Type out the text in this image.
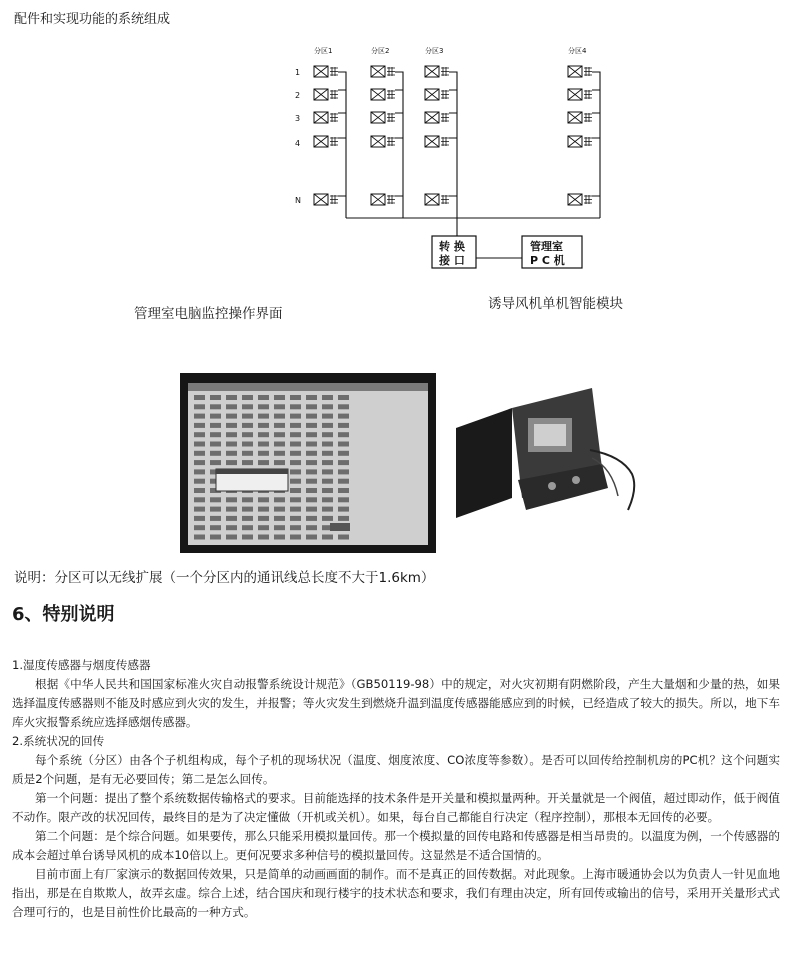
配件和实现功能的系统组成
分区1	分区2	分区3	分区4
1
2
3
4
N
转 换
接 口
管理室
P C 机
诱导风机单机智能模块
管理室电脑监控操作界面
说明：分区可以无线扩展（一个分区内的通讯线总长度不大于1.6km）
6、特别说明

1.湿度传感器与烟度传感器

根据《中华人民共和国国家标准火灾自动报警系统设计规范》（GB50119-98）中的规定，对火灾初期有阴燃阶段，产生大量烟和少量的热，如果选择温度传感器则不能及时感应到火灾的发生，并报警；等火灾发生到燃烧升温到温度传感器能感应到的时候，已经造成了较大的损失。所以，地下车库火灾报警系统应选择感烟传感器。

2.系统状况的回传

每个系统（分区）由各个子机组构成，每个子机的现场状况（温度、烟度浓度、CO浓度等参数）。是否可以回传给控制机房的PC机？这个问题实质是2个问题，是有无必要回传；第二是怎么回传。

第一个问题：提出了整个系统数据传输格式的要求。目前能选择的技术条件是开关量和模拟量两种。开关量就是一个阀值，超过即动作，低于阀值不动作。限产改的状况回传，最终目的是为了决定懂做（开机或关机）。如果，每台自己都能自行决定（程序控制），那根本无回传的必要。

第二个问题：是个综合问题。如果要传，那么只能采用模拟量回传。那一个模拟量的回传电路和传感器是相当昂贵的。以温度为例，一个传感器的成本会超过单台诱导风机的成本10倍以上。更何况要求多种信号的模拟量回传。这显然是不适合国情的。

目前市面上有厂家演示的数据回传效果，只是简单的动画画面的制作。而不是真正的回传数据。对此现象。上海市暖通协会以为负责人一针见血地指出，那是在自欺欺人，故弄玄虚。综合上述，结合国庆和现行楼宇的技术状态和要求，我们有理由决定，所有回传或输出的信号，采用开关量形式式合理可行的，也是目前性价比最高的一种方式。
